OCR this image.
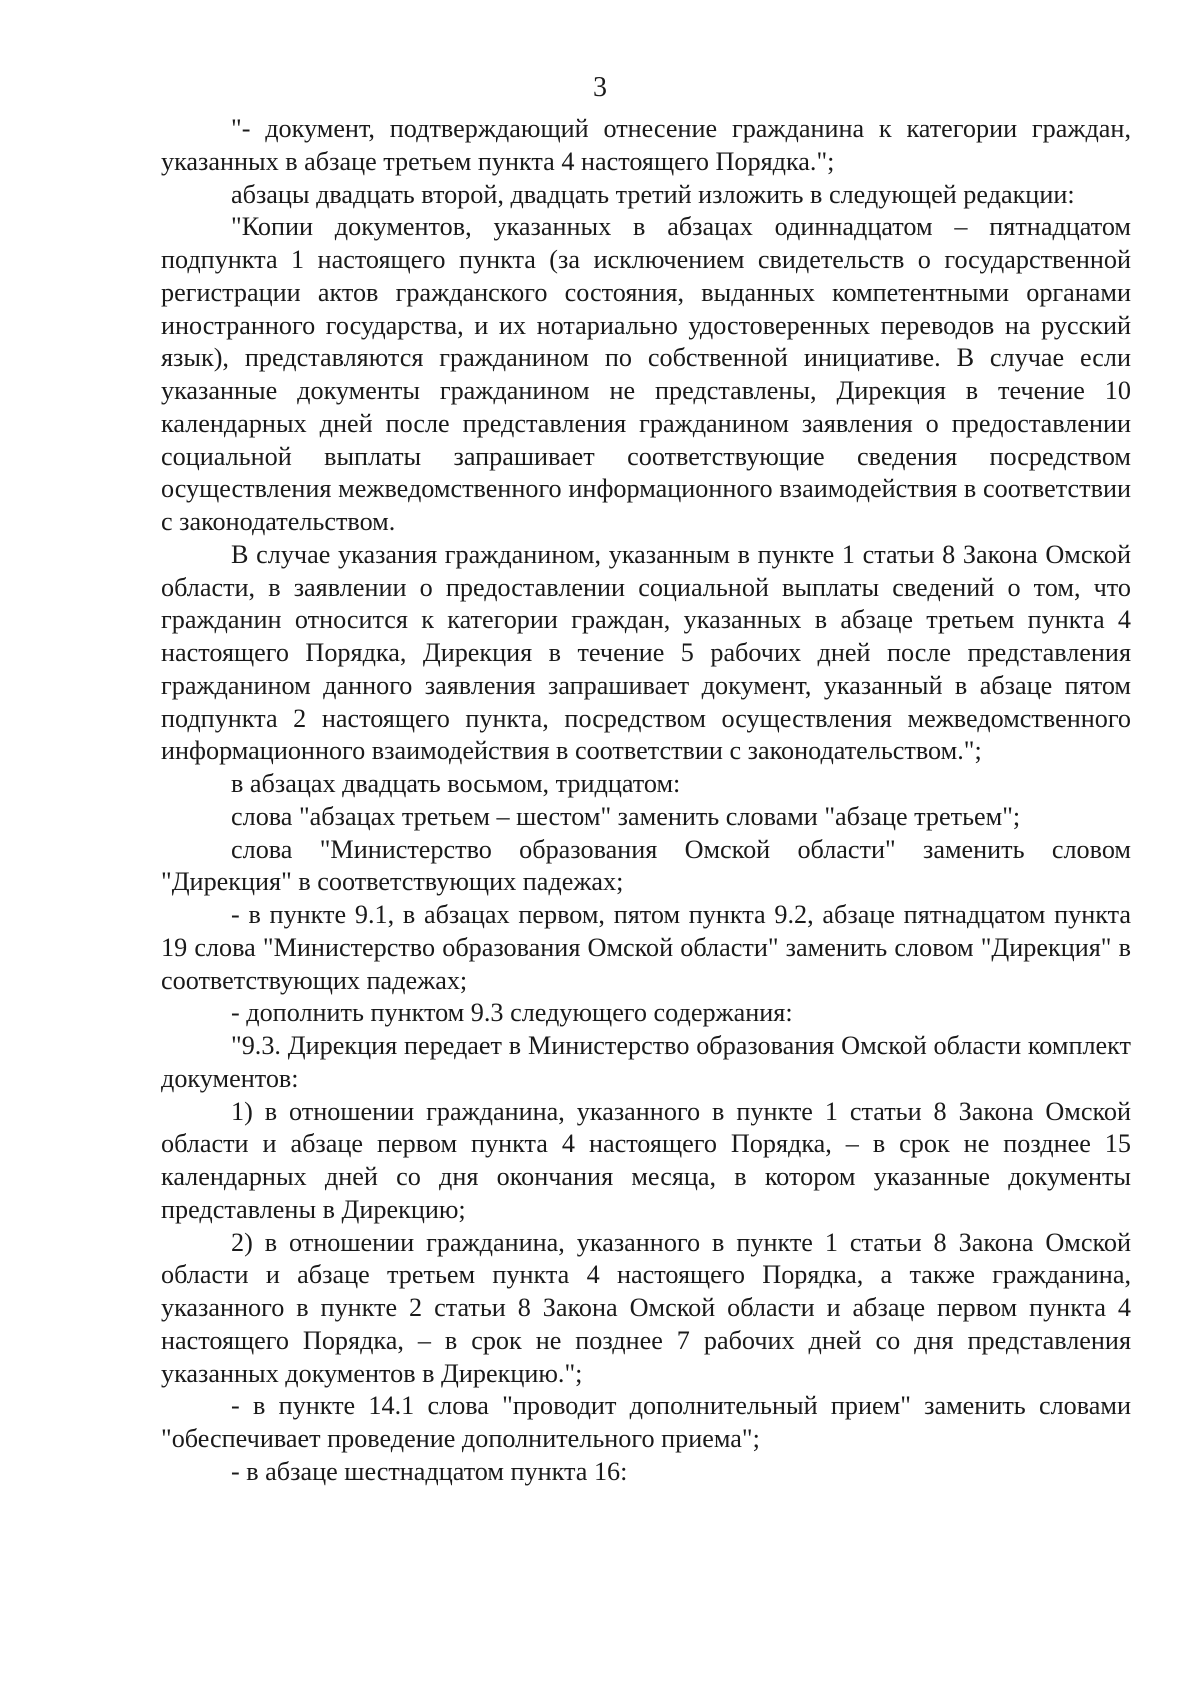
3

"- документ, подтверждающий отнесение гражданина к категории граждан, указанных в абзаце третьем пункта 4 настоящего Порядка.";

абзацы двадцать второй, двадцать третий изложить в следующей редакции:

"Копии документов, указанных в абзацах одиннадцатом – пятнадцатом подпункта 1 настоящего пункта (за исключением свидетельств о государственной регистрации актов гражданского состояния, выданных компетентными органами иностранного государства, и их нотариально удостоверенных переводов на русский язык), представляются гражданином по собственной инициативе. В случае если указанные документы гражданином не представлены, Дирекция в течение 10 календарных дней после представления гражданином заявления о предоставлении социальной выплаты запрашивает соответствующие сведения посредством осуществления межведомственного информационного взаимодействия в соответствии с законодательством.

В случае указания гражданином, указанным в пункте 1 статьи 8 Закона Омской области, в заявлении о предоставлении социальной выплаты сведений о том, что гражданин относится к категории граждан, указанных в абзаце третьем пункта 4 настоящего Порядка, Дирекция в течение 5 рабочих дней после представления гражданином данного заявления запрашивает документ, указанный в абзаце пятом подпункта 2 настоящего пункта, посредством осуществления межведомственного информационного взаимодействия в соответствии с законодательством.";

в абзацах двадцать восьмом, тридцатом:

слова "абзацах третьем – шестом" заменить словами "абзаце третьем";

слова "Министерство образования Омской области" заменить словом "Дирекция" в соответствующих падежах;

- в пункте 9.1, в абзацах первом, пятом пункта 9.2, абзаце пятнадцатом пункта 19 слова "Министерство образования Омской области" заменить словом "Дирекция" в соответствующих падежах;

- дополнить пунктом 9.3 следующего содержания:

"9.3. Дирекция передает в Министерство образования Омской области комплект документов:

1) в отношении гражданина, указанного в пункте 1 статьи 8 Закона Омской области и абзаце первом пункта 4 настоящего Порядка, – в срок не позднее 15 календарных дней со дня окончания месяца, в котором указанные документы представлены в Дирекцию;

2) в отношении гражданина, указанного в пункте 1 статьи 8 Закона Омской области и абзаце третьем пункта 4 настоящего Порядка, а также гражданина, указанного в пункте 2 статьи 8 Закона Омской области и абзаце первом пункта 4 настоящего Порядка, – в срок не позднее 7 рабочих дней со дня представления указанных документов в Дирекцию.";

- в пункте 14.1 слова "проводит дополнительный прием" заменить словами "обеспечивает проведение дополнительного приема";

- в абзаце шестнадцатом пункта 16:
